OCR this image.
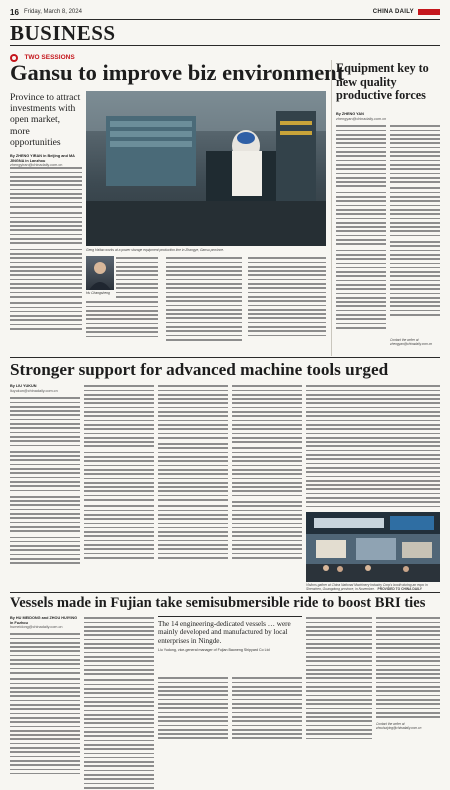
16 Friday, March 8, 2024	CHINA DAILY
BUSINESS
TWO SESSIONS
Gansu to improve biz environment
Province to attract investments with open market, more opportunities
By ZHENG YIRAN in Beijing and MA JINGNA in Lanzhou
zhengyiran@chinadaily.com.cn
Geng Haitao works at a power storage equipment production line in Zhangye, Gansu province.
Hu Changsheng
Equipment key to new quality productive forces
By ZHENG YAN
zhengyan@chinadaily.com.cn
Contact the writer at zhengyan@chinadaily.com.cn
Stronger support for advanced machine tools urged
By LIU YUKUN
liuyukun@chinadaily.com.cn
Visitors gather at China National Machinery Industry Corp's booth during an expo in Shenzhen, Guangdong province, in November. PROVIDED TO CHINA DAILY
Vessels made in Fujian take semisubmersible ride to boost BRI ties
By HU MEIDONG and ZHOU HUIYING in Fuzhou
humeidong@chinadaily.com.cn	The 14 engineering-dedicated vessels … were mainly developed and manufactured by local enterprises in Ningde.
Liu Yudong, vice-general manager of Fujian Baoneng Shipyard Co Ltd
Contact the writer at zhouhuiying@chinadaily.com.cn
